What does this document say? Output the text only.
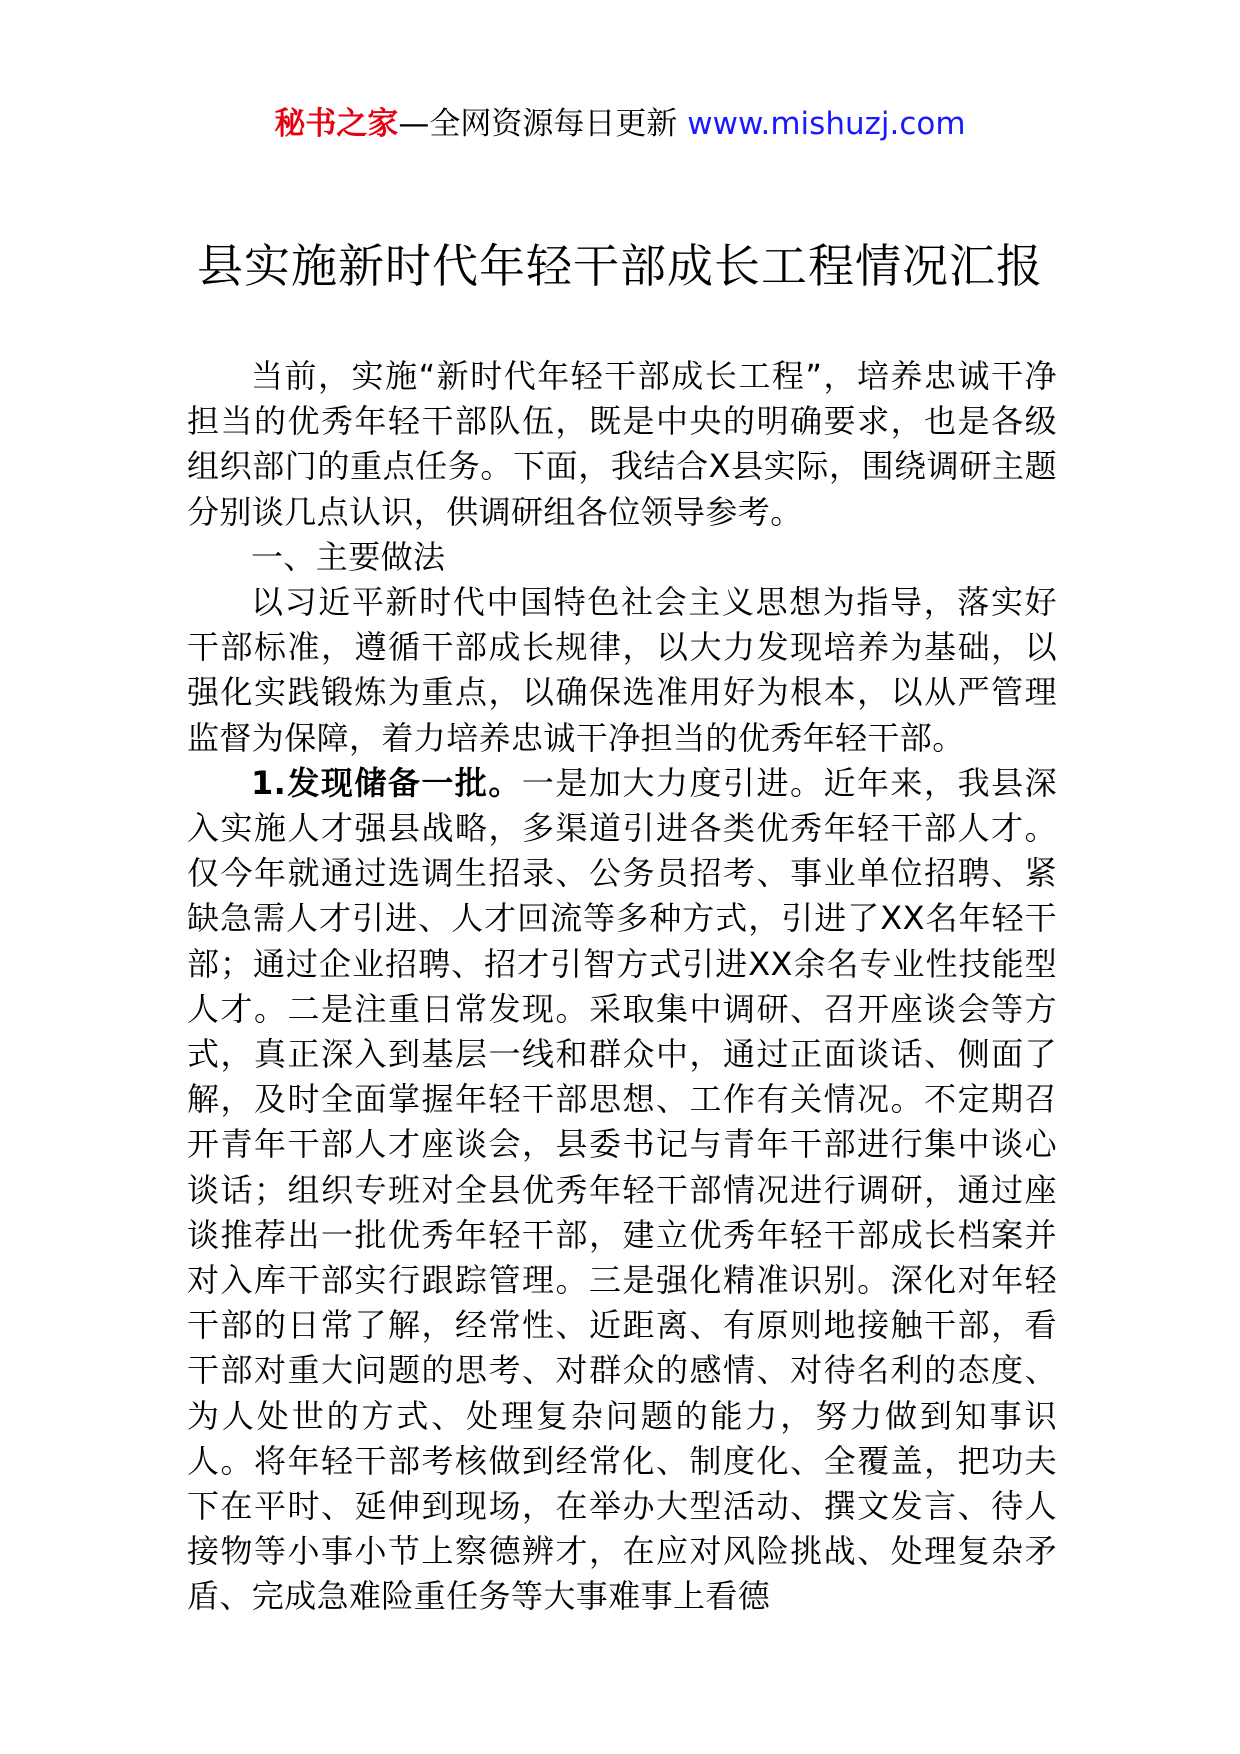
秘书之家—全网资源每日更新 www.mishuzj.com
县实施新时代年轻干部成长工程情况汇报

当前，实施“新时代年轻干部成长工程”，培养忠诚干净担当的优秀年轻干部队伍，既是中央的明确要求，也是各级组织部门的重点任务。下面，我结合X县实际，围绕调研主题分别谈几点认识，供调研组各位领导参考。

一、主要做法

以习近平新时代中国特色社会主义思想为指导，落实好干部标准，遵循干部成长规律，以大力发现培养为基础，以强化实践锻炼为重点，以确保选准用好为根本，以从严管理监督为保障，着力培养忠诚干净担当的优秀年轻干部。

1.发现储备一批。一是加大力度引进。近年来，我县深入实施人才强县战略，多渠道引进各类优秀年轻干部人才。仅今年就通过选调生招录、公务员招考、事业单位招聘、紧缺急需人才引进、人才回流等多种方式，引进了XX名年轻干部；通过企业招聘、招才引智方式引进XX余名专业性技能型人才。二是注重日常发现。采取集中调研、召开座谈会等方式，真正深入到基层一线和群众中，通过正面谈话、侧面了解，及时全面掌握年轻干部思想、工作有关情况。不定期召开青年干部人才座谈会，县委书记与青年干部进行集中谈心谈话；组织专班对全县优秀年轻干部情况进行调研，通过座谈推荐出一批优秀年轻干部，建立优秀年轻干部成长档案并对入库干部实行跟踪管理。三是强化精准识别。深化对年轻干部的日常了解，经常性、近距离、有原则地接触干部，看干部对重大问题的思考、对群众的感情、对待名利的态度、为人处世的方式、处理复杂问题的能力，努力做到知事识人。将年轻干部考核做到经常化、制度化、全覆盖，把功夫下在平时、延伸到现场，在举办大型活动、撰文发言、待人接物等小事小节上察德辨才，在应对风险挑战、处理复杂矛盾、完成急难险重任务等大事难事上看德
